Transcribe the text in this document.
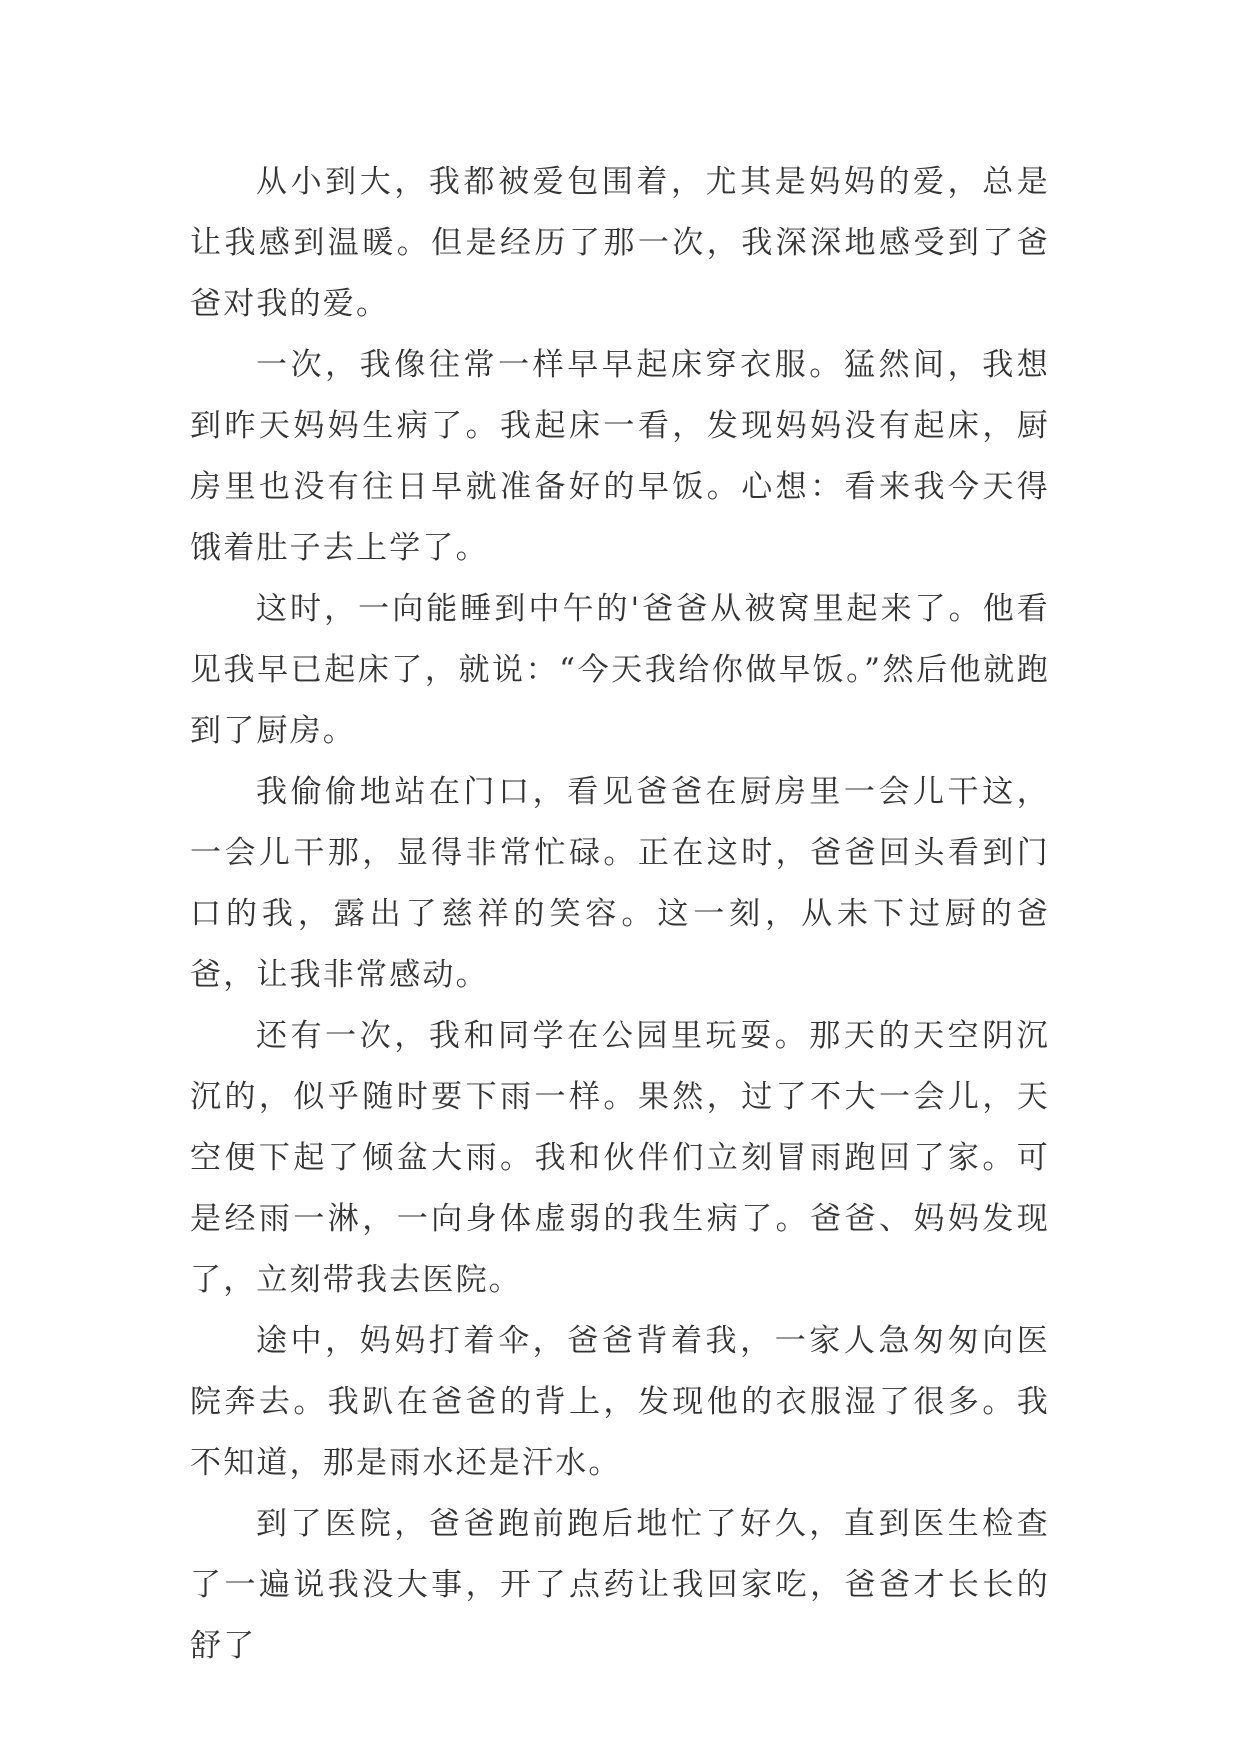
从小到大，我都被爱包围着，尤其是妈妈的爱，总是让我感到温暖。但是经历了那一次，我深深地感受到了爸爸对我的爱。

一次，我像往常一样早早起床穿衣服。猛然间，我想到昨天妈妈生病了。我起床一看，发现妈妈没有起床，厨房里也没有往日早就准备好的早饭。心想：看来我今天得饿着肚子去上学了。

这时，一向能睡到中午的'爸爸从被窝里起来了。他看见我早已起床了，就说：“今天我给你做早饭。”然后他就跑到了厨房。

我偷偷地站在门口，看见爸爸在厨房里一会儿干这，一会儿干那，显得非常忙碌。正在这时，爸爸回头看到门口的我，露出了慈祥的笑容。这一刻，从未下过厨的爸爸，让我非常感动。

还有一次，我和同学在公园里玩耍。那天的天空阴沉沉的，似乎随时要下雨一样。果然，过了不大一会儿，天空便下起了倾盆大雨。我和伙伴们立刻冒雨跑回了家。可是经雨一淋，一向身体虚弱的我生病了。爸爸、妈妈发现了，立刻带我去医院。

途中，妈妈打着伞，爸爸背着我，一家人急匆匆向医院奔去。我趴在爸爸的背上，发现他的衣服湿了很多。我不知道，那是雨水还是汗水。

到了医院，爸爸跑前跑后地忙了好久，直到医生检查了一遍说我没大事，开了点药让我回家吃，爸爸才长长的舒了
